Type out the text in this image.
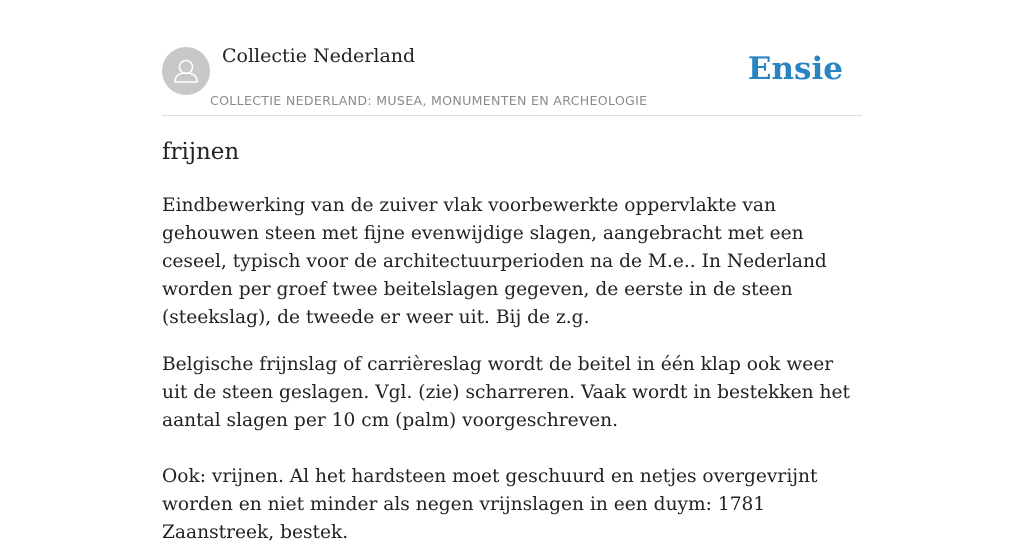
Collectie Nederland
COLLECTIE NEDERLAND: MUSEA, MONUMENTEN EN ARCHEOLOGIE
Ensie
frijnen

Eindbewerking van de zuiver vlak voorbewerkte oppervlakte van gehouwen steen met fijne evenwijdige slagen, aangebracht met een ceseel, typisch voor de architectuurperioden na de M.e.. In Nederland worden per groef twee beitelslagen gegeven, de eerste in de steen (steekslag), de tweede er weer uit. Bij de z.g.

Belgische frijnslag of carrièreslag wordt de beitel in één klap ook weer uit de steen geslagen. Vgl. (zie) scharreren. Vaak wordt in bestekken het aantal slagen per 10 cm (palm) voorgeschreven.

Ook: vrijnen. Al het hardsteen moet geschuurd en netjes overgevrijnt worden en niet minder als negen vrijnslagen in een duym: 1781 Zaanstreek, bestek.
